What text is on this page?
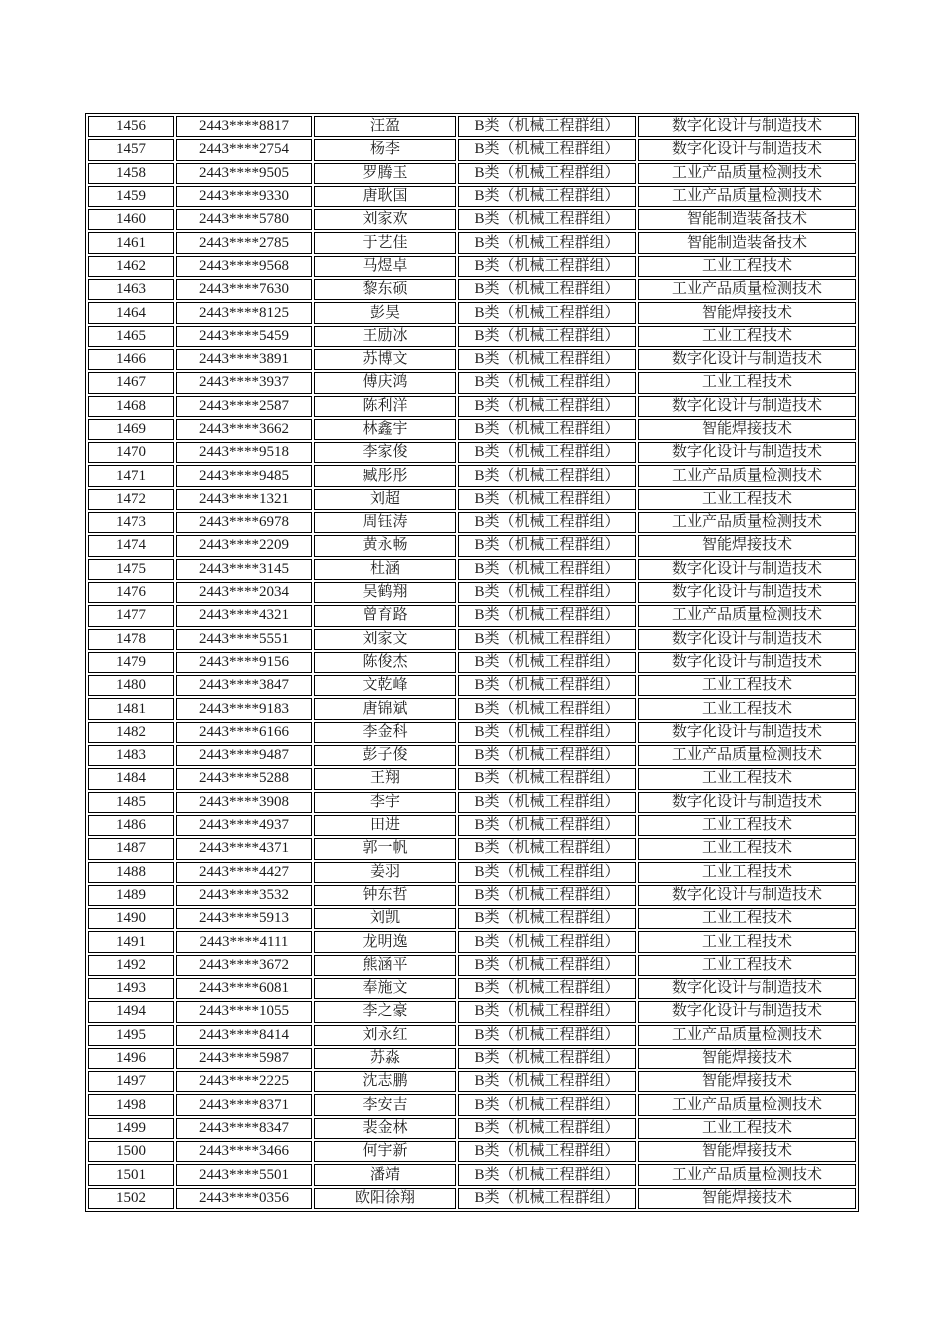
1456	2443****8817	汪盈	B类（机械工程群组）	数字化设计与制造技术
1457	2443****2754	杨李	B类（机械工程群组）	数字化设计与制造技术
1458	2443****9505	罗腾玉	B类（机械工程群组）	工业产品质量检测技术
1459	2443****9330	唐耿国	B类（机械工程群组）	工业产品质量检测技术
1460	2443****5780	刘家欢	B类（机械工程群组）	智能制造装备技术
1461	2443****2785	于艺佳	B类（机械工程群组）	智能制造装备技术
1462	2443****9568	马煜卓	B类（机械工程群组）	工业工程技术
1463	2443****7630	黎东硕	B类（机械工程群组）	工业产品质量检测技术
1464	2443****8125	彭昊	B类（机械工程群组）	智能焊接技术
1465	2443****5459	王励冰	B类（机械工程群组）	工业工程技术
1466	2443****3891	苏博文	B类（机械工程群组）	数字化设计与制造技术
1467	2443****3937	傅庆鸿	B类（机械工程群组）	工业工程技术
1468	2443****2587	陈利洋	B类（机械工程群组）	数字化设计与制造技术
1469	2443****3662	林鑫宇	B类（机械工程群组）	智能焊接技术
1470	2443****9518	李家俊	B类（机械工程群组）	数字化设计与制造技术
1471	2443****9485	臧彤彤	B类（机械工程群组）	工业产品质量检测技术
1472	2443****1321	刘超	B类（机械工程群组）	工业工程技术
1473	2443****6978	周钰涛	B类（机械工程群组）	工业产品质量检测技术
1474	2443****2209	黄永畅	B类（机械工程群组）	智能焊接技术
1475	2443****3145	杜涵	B类（机械工程群组）	数字化设计与制造技术
1476	2443****2034	吴鹤翔	B类（机械工程群组）	数字化设计与制造技术
1477	2443****4321	曾育路	B类（机械工程群组）	工业产品质量检测技术
1478	2443****5551	刘家文	B类（机械工程群组）	数字化设计与制造技术
1479	2443****9156	陈俊杰	B类（机械工程群组）	数字化设计与制造技术
1480	2443****3847	文乾峰	B类（机械工程群组）	工业工程技术
1481	2443****9183	唐锦斌	B类（机械工程群组）	工业工程技术
1482	2443****6166	李金科	B类（机械工程群组）	数字化设计与制造技术
1483	2443****9487	彭子俊	B类（机械工程群组）	工业产品质量检测技术
1484	2443****5288	王翔	B类（机械工程群组）	工业工程技术
1485	2443****3908	李宇	B类（机械工程群组）	数字化设计与制造技术
1486	2443****4937	田进	B类（机械工程群组）	工业工程技术
1487	2443****4371	郭一帆	B类（机械工程群组）	工业工程技术
1488	2443****4427	姜羽	B类（机械工程群组）	工业工程技术
1489	2443****3532	钟东哲	B类（机械工程群组）	数字化设计与制造技术
1490	2443****5913	刘凯	B类（机械工程群组）	工业工程技术
1491	2443****4111	龙明逸	B类（机械工程群组）	工业工程技术
1492	2443****3672	熊涵平	B类（机械工程群组）	工业工程技术
1493	2443****6081	奉施文	B类（机械工程群组）	数字化设计与制造技术
1494	2443****1055	李之豪	B类（机械工程群组）	数字化设计与制造技术
1495	2443****8414	刘永红	B类（机械工程群组）	工业产品质量检测技术
1496	2443****5987	苏淼	B类（机械工程群组）	智能焊接技术
1497	2443****2225	沈志鹏	B类（机械工程群组）	智能焊接技术
1498	2443****8371	李安吉	B类（机械工程群组）	工业产品质量检测技术
1499	2443****8347	裴金林	B类（机械工程群组）	工业工程技术
1500	2443****3466	何宇新	B类（机械工程群组）	智能焊接技术
1501	2443****5501	潘靖	B类（机械工程群组）	工业产品质量检测技术
1502	2443****0356	欧阳徐翔	B类（机械工程群组）	智能焊接技术
